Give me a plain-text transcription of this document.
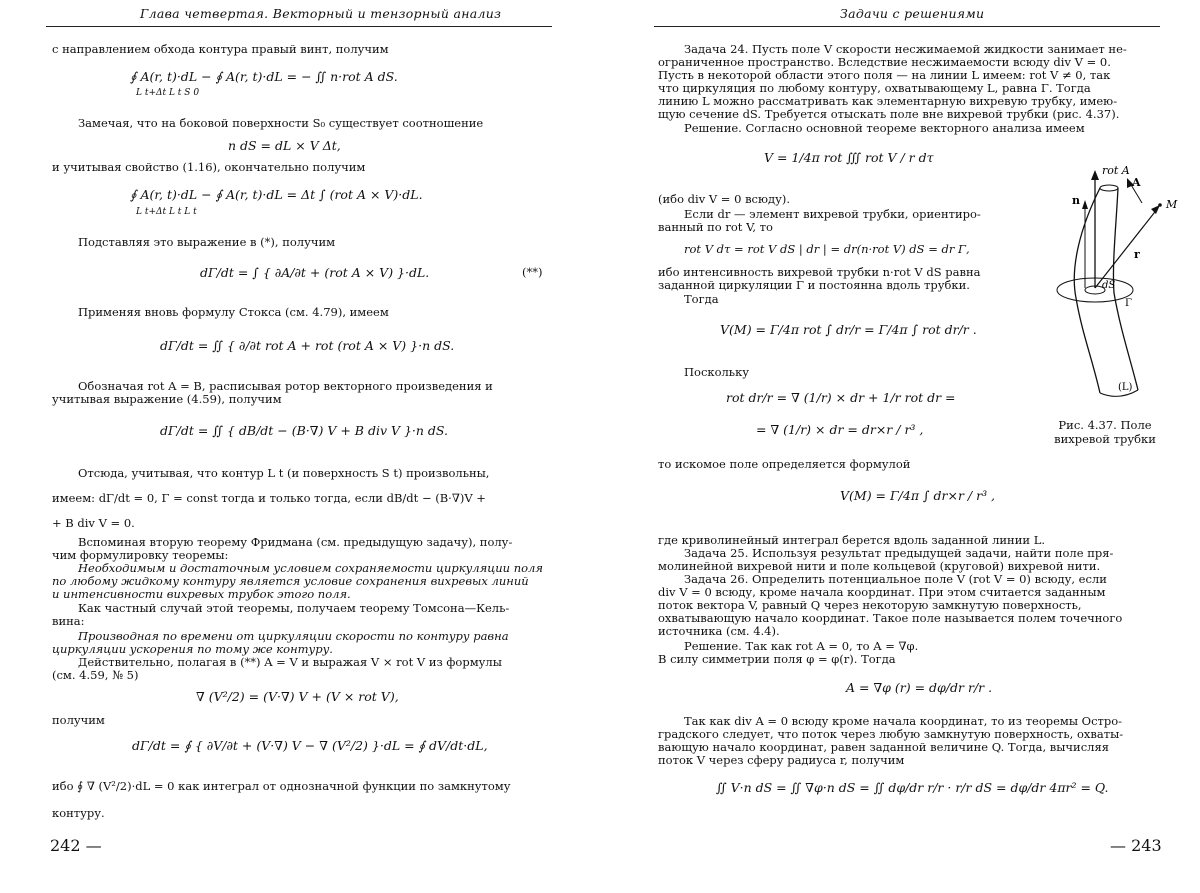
Глава четвертая. Векторный и тензорный анализ
с направлением обхода контура правый винт, получим
∮ A(r, t)·dL − ∮ A(r, t)·dL = − ∬ n·rot A dS.
L t+Δt L t S 0
Замечая, что на боковой поверхности S₀ существует соотношение
n dS = dL × V Δt,
и учитывая свойство (1.16), окончательно получим
∮ A(r, t)·dL − ∮ A(r, t)·dL = Δt ∫ (rot A × V)·dL.
L t+Δt L t L t
Подставляя это выражение в (*), получим
dΓ/dt = ∫ { ∂A/∂t + (rot A × V) }·dL.	(**)
Применяя вновь формулу Стокса (см. 4.79), имеем
dΓ/dt = ∬ { ∂/∂t rot A + rot (rot A × V) }·n dS.
Обозначая rot A = B, расписывая ротор векторного произведения и
учитывая выражение (4.59), получим
dΓ/dt = ∬ { dB/dt − (B·∇) V + B div V }·n dS.
Отсюда, учитывая, что контур L t (и поверхность S t) произвольны,
имеем: dΓ/dt = 0, Γ = const тогда и только тогда, если dB/dt − (B·∇)V +
+ B div V = 0.
Вспоминая вторую теорему Фридмана (см. предыдущую задачу), полу-
чим формулировку теоремы:
Необходимым и достаточным условием сохраняемости циркуляции поля
по любому жидкому контуру является условие сохранения вихревых линий
и интенсивности вихревых трубок этого поля.
Как частный случай этой теоремы, получаем теорему Томсона—Кель-
вина:
Производная по времени от циркуляции скорости по контуру равна
циркуляции ускорения по тому же контуру.
Действительно, полагая в (**) A = V и выражая V × rot V из формулы
(см. 4.59, № 5)
∇ (V²/2) = (V·∇) V + (V × rot V),
получим
dΓ/dt = ∮ { ∂V/∂t + (V·∇) V − ∇ (V²/2) }·dL = ∮ dV/dt·dL,
ибо ∮ ∇ (V²/2)·dL = 0 как интеграл от однозначной функции по замкнутому
контуру.
242 —
Задачи с решениями
Задача 24. Пусть поле V скорости несжимаемой жидкости занимает не-
ограниченное пространство. Вследствие несжимаемости всюду div V = 0.
Пусть в некоторой области этого поля — на линии L имеем: rot V ≠ 0, так
что циркуляция по любому контуру, охватывающему L, равна Γ. Тогда
линию L можно рассматривать как элементарную вихревую трубку, имею-
щую сечение dS. Требуется отыскать поле вне вихревой трубки (рис. 4.37).
Решение. Согласно основной теореме векторного анализа имеем
V = 1/4π rot ∭ rot V / r dτ
(ибо div V = 0 всюду).
Если dr — элемент вихревой трубки, ориентиро-
ванный по rot V, то
rot V dτ = rot V dS | dr | = dr(n·rot V) dS = dr Γ,
ибо интенсивность вихревой трубки n·rot V dS равна
заданной циркуляции Γ и постоянна вдоль трубки.
Тогда
V(M) = Γ/4π rot ∫ dr/r = Γ/4π ∫ rot dr/r .
Поскольку
rot dr/r = ∇ (1/r) × dr + 1/r rot dr =
= ∇ (1/r) × dr = dr×r / r³ ,
то искомое поле определяется формулой
V(M) = Γ/4π ∫ dr×r / r³ ,
где криволинейный интеграл берется вдоль заданной линии L.
Задача 25. Используя результат предыдущей задачи, найти поле пря-
молинейной вихревой нити и поле кольцевой (круговой) вихревой нити.
Задача 26. Определить потенциальное поле V (rot V = 0) всюду, если
div V = 0 всюду, кроме начала координат. При этом считается заданным
поток вектора V, равный Q через некоторую замкнутую поверхность,
охватывающую начало координат. Такое поле называется полем точечного
источника (см. 4.4).
Решение. Так как rot A = 0, то A = ∇φ.
В силу симметрии поля φ = φ(r). Тогда
A = ∇φ (r) = dφ/dr r/r .
Так как div A = 0 всюду кроме начала координат, то из теоремы Остро-
градского следует, что поток через любую замкнутую поверхность, охваты-
вающую начало координат, равен заданной величине Q. Тогда, вычисляя
поток V через сферу радиуса r, получим
∬ V·n dS = ∬ ∇φ·n dS = ∬ dφ/dr r/r · r/r dS = dφ/dr 4πr² = Q.
rot A
A
M
n
r
dS
Γ
(L)
Рис. 4.37. Поле вихревой трубки
— 243
